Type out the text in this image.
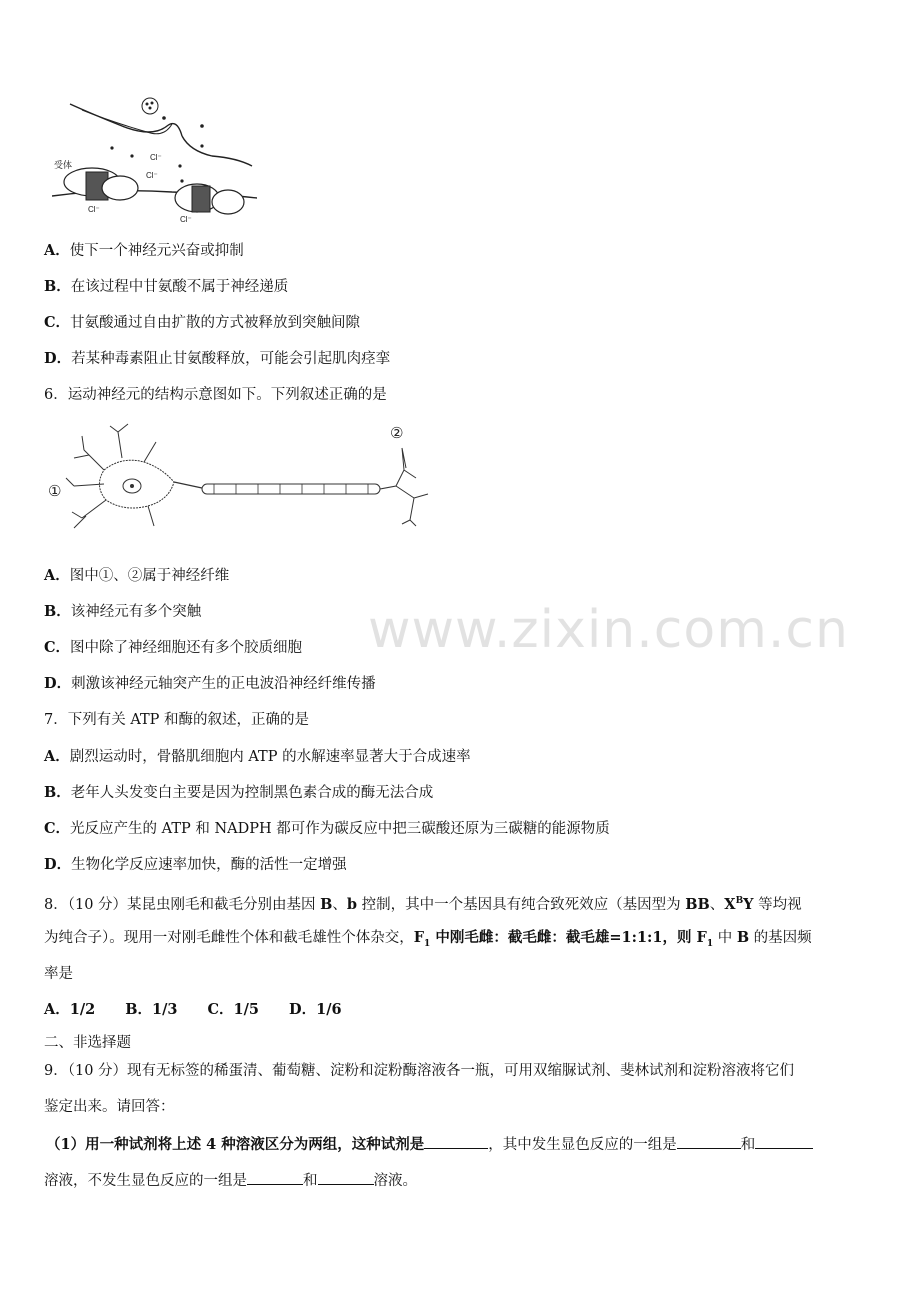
受体
Cl⁻
Cl⁻
Cl⁻
Cl⁻
A．使下一个神经元兴奋或抑制
B．在该过程中甘氨酸不属于神经递质
C．甘氨酸通过自由扩散的方式被释放到突触间隙
D．若某种毒素阻止甘氨酸释放，可能会引起肌肉痉挛
6．运动神经元的结构示意图如下。下列叙述正确的是
①
②
A．图中①、②属于神经纤维
B．该神经元有多个突触
C．图中除了神经细胞还有多个胶质细胞
D．刺激该神经元轴突产生的正电波沿神经纤维传播
7．下列有关 ATP 和酶的叙述，正确的是
A．剧烈运动时，骨骼肌细胞内 ATP 的水解速率显著大于合成速率
B．老年人头发变白主要是因为控制黑色素合成的酶无法合成
C．光反应产生的 ATP 和 NADPH 都可作为碳反应中把三碳酸还原为三碳糖的能源物质
D．生物化学反应速率加快，酶的活性一定增强
8．（10 分）某昆虫刚毛和截毛分别由基因 B、b 控制，其中一个基因具有纯合致死效应（基因型为 BB、$X^BY$ 等均视
为纯合子）。现用一对刚毛雌性个体和截毛雄性个体杂交，$F_1$ 中刚毛雌：截毛雌：截毛雄=1:1:1，则 $F_1$ 中 B 的基因频
率是
A．1/2 B．1/3 C．1/5 D．1/6
二、非选择题
9．（10 分）现有无标签的稀蛋清、葡萄糖、淀粉和淀粉酶溶液各一瓶，可用双缩脲试剂、斐林试剂和淀粉溶液将它们
鉴定出来。请回答：
（1）用一种试剂将上述 4 种溶液区分为两组，这种试剂是	，其中发生显色反应的一组是	和
溶液，不发生显色反应的一组是	和	溶液。
www.zixin.com.cn
